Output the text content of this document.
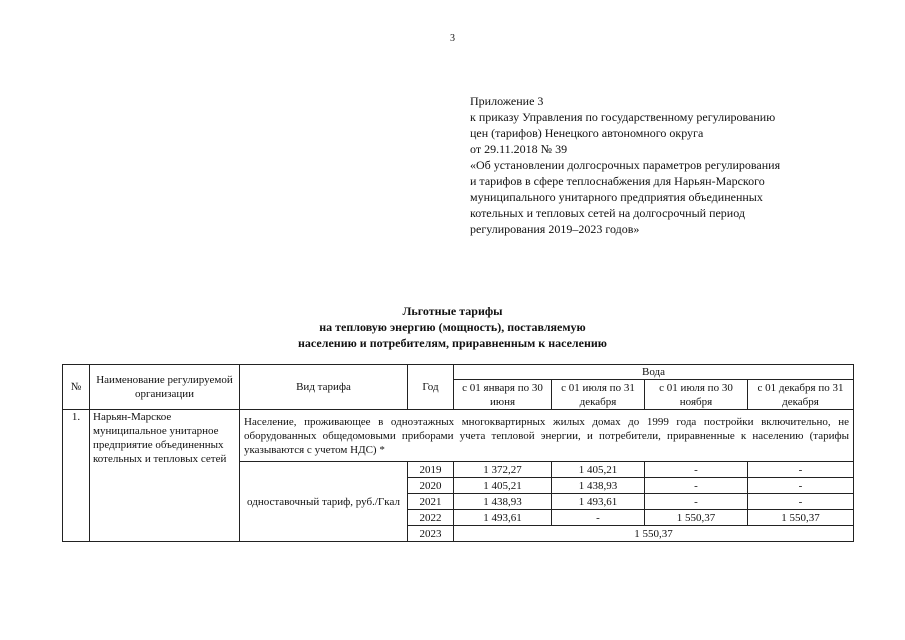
3
Приложение 3
к приказу Управления по государственному регулированию
цен (тарифов) Ненецкого автономного округа
от 29.11.2018 № 39
«Об установлении долгосрочных параметров регулирования
и тарифов в сфере теплоснабжения для Нарьян-Марского
муниципального унитарного предприятия объединенных
котельных и тепловых сетей на долгосрочный период
регулирования 2019–2023 годов»
Льготные тарифы
на тепловую энергию (мощность), поставляемую
населению и потребителям, приравненным к населению
№	Наименование регулируемой организации	Вид тарифа	Год	Вода			
				с 01 января по 30 июня	с 01 июля по 31 декабря	с 01 июля по 30 ноября	с 01 декабря по 31 декабря

1.	Нарьян-Марское муниципальное унитарное предприятие объединенных котельных и тепловых сетей	Население, проживающее в одноэтажных многоквартирных жилых домах до 1999 года постройки включительно, не оборудованных общедомовыми приборами учета тепловой энергии, и потребители, приравненные к населению (тарифы указываются с учетом НДС) *					
		одноставочный тариф, руб./Гкал	2019	1 372,27	1 405,21	-	-
			2020	1 405,21	1 438,93	-	-
			2021	1 438,93	1 493,61	-	-
			2022	1 493,61	-	1 550,37	1 550,37
			2023	1 550,37			
